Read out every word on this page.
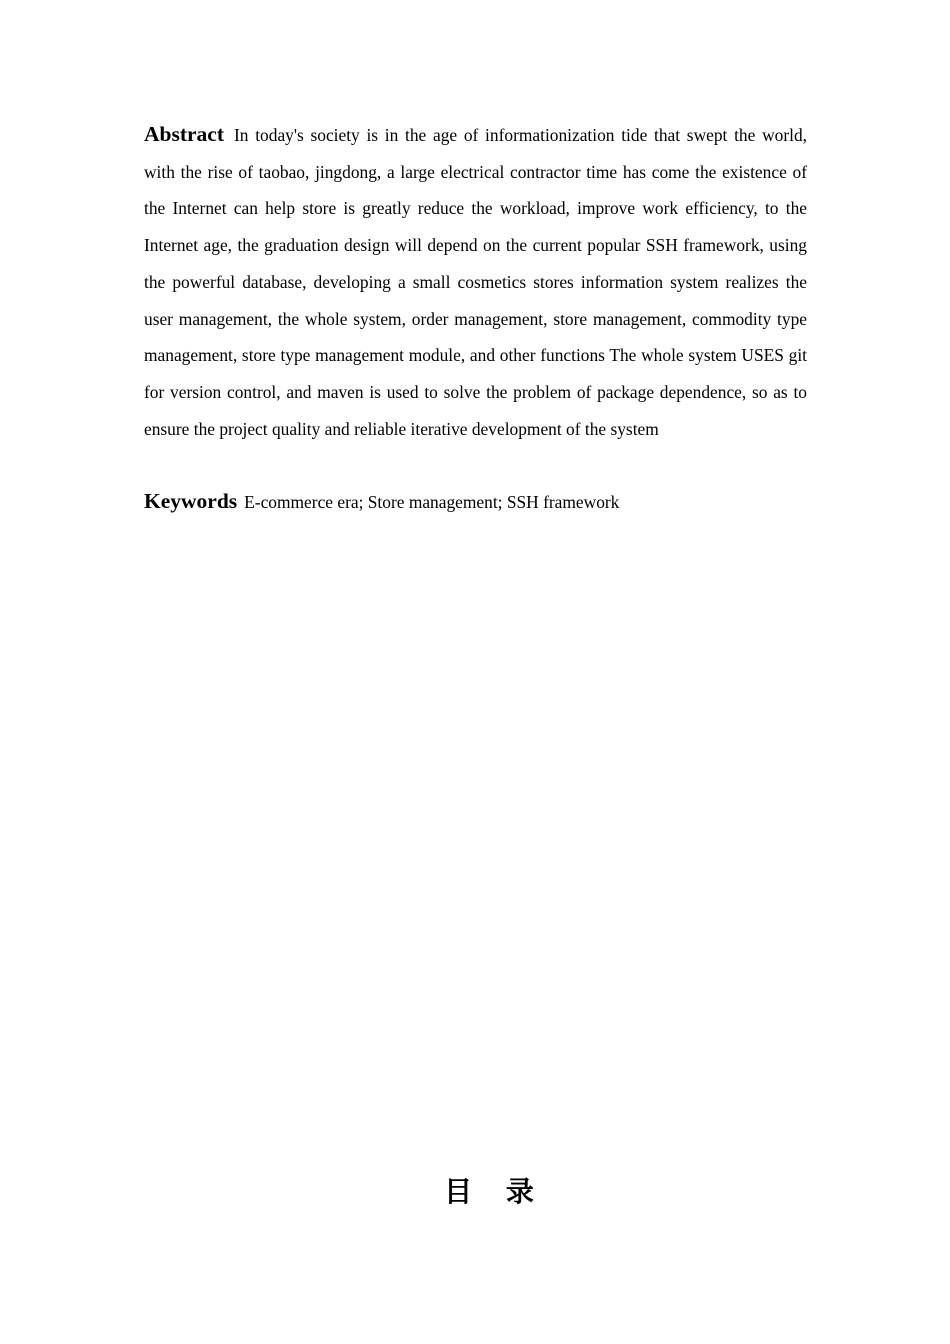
Abstract In today's society is in the age of informationization tide that swept the world, with the rise of taobao, jingdong, a large electrical contractor time has come the existence of the Internet can help store is greatly reduce the workload, improve work efficiency, to the Internet age, the graduation design will depend on the current popular SSH framework, using the powerful database, developing a small cosmetics stores information system realizes the user management, the whole system, order management, store management, commodity type management, store type management module, and other functions The whole system USES git for version control, and maven is used to solve the problem of package dependence, so as to ensure the project quality and reliable iterative development of the system

Keywords E-commerce era; Store management; SSH framework

目 录
